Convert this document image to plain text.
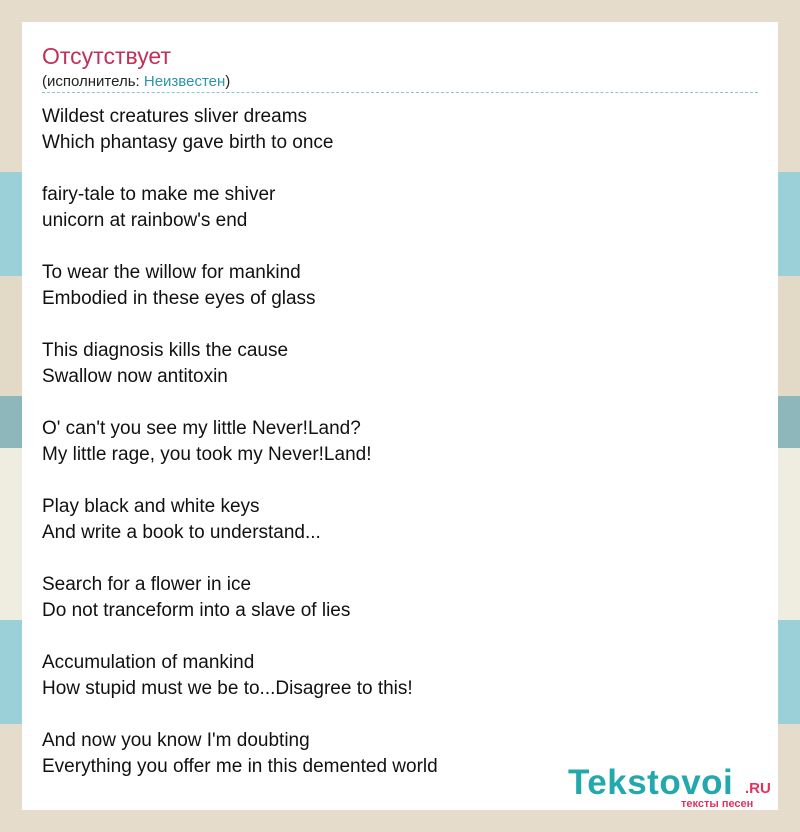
Отсутствует
(исполнитель: Неизвестен)
Wildest creatures sliver dreams
Which phantasy gave birth to once
fairy-tale to make me shiver
unicorn at rainbow's end
To wear the willow for mankind
Embodied in these eyes of glass
This diagnosis kills the cause
Swallow now antitoxin
O' can't you see my little Never!Land?
My little rage, you took my Never!Land!
Play black and white keys
And write a book to understand...
Search for a flower in ice
Do not tranceform into a slave of lies
Accumulation of mankind
How stupid must we be to...Disagree to this!
And now you know I'm doubting
Everything you offer me in this demented world	Tekstovoi .RU
тексты песен
